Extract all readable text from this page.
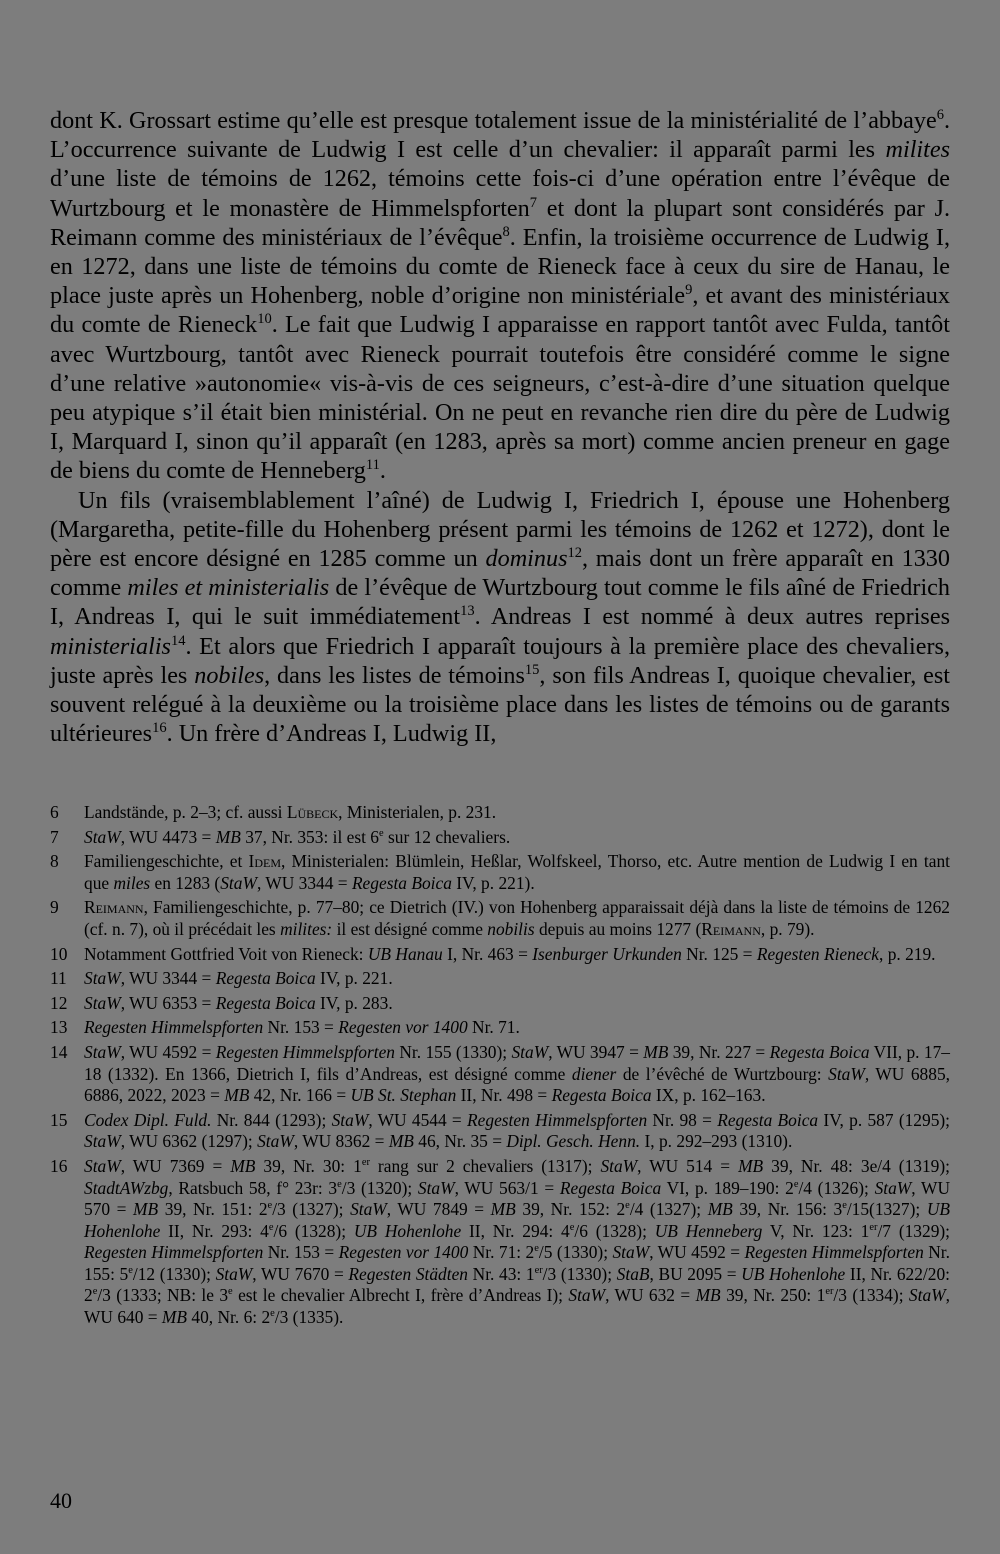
dont K. Grossart estime qu’elle est presque totalement issue de la ministérialité de l’abbaye$^6$. L’occurrence suivante de Ludwig I est celle d’un chevalier: il apparaît parmi les milites d’une liste de témoins de 1262, témoins cette fois-ci d’une opération entre l’évêque de Wurtzbourg et le monastère de Himmelspforten$^7$ et dont la plupart sont considérés par J. Reimann comme des ministériaux de l’évêque$^8$. Enfin, la troisième occurrence de Ludwig I, en 1272, dans une liste de témoins du comte de Rieneck face à ceux du sire de Hanau, le place juste après un Hohenberg, noble d’origine non ministériale$^9$, et avant des ministériaux du comte de Rieneck$^{10}$. Le fait que Ludwig I apparaisse en rapport tantôt avec Fulda, tantôt avec Wurtzbourg, tantôt avec Rieneck pourrait toutefois être considéré comme le signe d’une relative »autonomie« vis-à-vis de ces seigneurs, c’est-à-dire d’une situation quelque peu atypique s’il était bien ministérial. On ne peut en revanche rien dire du père de Ludwig I, Marquard I, sinon qu’il apparaît (en 1283, après sa mort) comme ancien preneur en gage de biens du comte de Henneberg$^{11}$.

Un fils (vraisemblablement l’aîné) de Ludwig I, Friedrich I, épouse une Hohenberg (Margaretha, petite-fille du Hohenberg présent parmi les témoins de 1262 et 1272), dont le père est encore désigné en 1285 comme un dominus$^{12}$, mais dont un frère apparaît en 1330 comme miles et ministerialis de l’évêque de Wurtzbourg tout comme le fils aîné de Friedrich I, Andreas I, qui le suit immédiatement$^{13}$. Andreas I est nommé à deux autres reprises ministerialis$^{14}$. Et alors que Friedrich I apparaît toujours à la première place des chevaliers, juste après les nobiles, dans les listes de témoins$^{15}$, son fils Andreas I, quoique chevalier, est souvent relégué à la deuxième ou la troisième place dans les listes de témoins ou de garants ultérieures$^{16}$. Un frère d’Andreas I, Ludwig II,

6	Landstände, p. 2–3; cf. aussi Lübeck, Ministerialen, p. 231.
7	StaW, WU 4473 = MB 37, Nr. 353: il est 6e sur 12 chevaliers.
8	Familiengeschichte, et Idem, Ministerialen: Blümlein, Heßlar, Wolfskeel, Thorso, etc. Autre mention de Ludwig I en tant que miles en 1283 (StaW, WU 3344 = Regesta Boica IV, p. 221).
9	Reimann, Familiengeschichte, p. 77–80; ce Dietrich (IV.) von Hohenberg apparaissait déjà dans la liste de témoins de 1262 (cf. n. 7), où il précédait les milites: il est désigné comme nobilis depuis au moins 1277 (Reimann, p. 79).
10 Notamment Gottfried Voit von Rieneck: UB Hanau I, Nr. 463 = Isenburger Urkunden Nr. 125 = Regesten Rieneck, p. 219.
11 StaW, WU 3344 = Regesta Boica IV, p. 221.
12 StaW, WU 6353 = Regesta Boica IV, p. 283.
13 Regesten Himmelspforten Nr. 153 = Regesten vor 1400 Nr. 71.
14 StaW, WU 4592 = Regesten Himmelspforten Nr. 155 (1330); StaW, WU 3947 = MB 39, Nr. 227 = Regesta Boica VII, p. 17–18 (1332). En 1366, Dietrich I, fils d’Andreas, est désigné comme diener de l’évêché de Wurtzbourg: StaW, WU 6885, 6886, 2022, 2023 = MB 42, Nr. 166 = UB St. Stephan II, Nr. 498 = Regesta Boica IX, p. 162–163.
15 Codex Dipl. Fuld. Nr. 844 (1293); StaW, WU 4544 = Regesten Himmelspforten Nr. 98 = Regesta Boica IV, p. 587 (1295); StaW, WU 6362 (1297); StaW, WU 8362 = MB 46, Nr. 35 = Dipl. Gesch. Henn. I, p. 292–293 (1310).
16 StaW, WU 7369 = MB 39, Nr. 30: 1er rang sur 2 chevaliers (1317); StaW, WU 514 = MB 39, Nr. 48: 3e/4 (1319); StadtAWzbg, Ratsbuch 58, f° 23r: 3e/3 (1320); StaW, WU 563/1 = Regesta Boica VI, p. 189–190: 2e/4 (1326); StaW, WU 570 = MB 39, Nr. 151: 2e/3 (1327); StaW, WU 7849 = MB 39, Nr. 152: 2e/4 (1327); MB 39, Nr. 156: 3e/15(1327); UB Hohenlohe II, Nr. 293: 4e/6 (1328); UB Hohenlohe II, Nr. 294: 4e/6 (1328); UB Henneberg V, Nr. 123: 1er/7 (1329); Regesten Himmelspforten Nr. 153 = Regesten vor 1400 Nr. 71: 2e/5 (1330); StaW, WU 4592 = Regesten Himmelspforten Nr. 155: 5e/12 (1330); StaW, WU 7670 = Regesten Städten Nr. 43: 1er/3 (1330); StaB, BU 2095 = UB Hohenlohe II, Nr. 622/20: 2e/3 (1333; NB: le 3e est le chevalier Albrecht I, frère d’Andreas I); StaW, WU 632 = MB 39, Nr. 250: 1er/3 (1334); StaW, WU 640 = MB 40, Nr. 6: 2e/3 (1335).
40
